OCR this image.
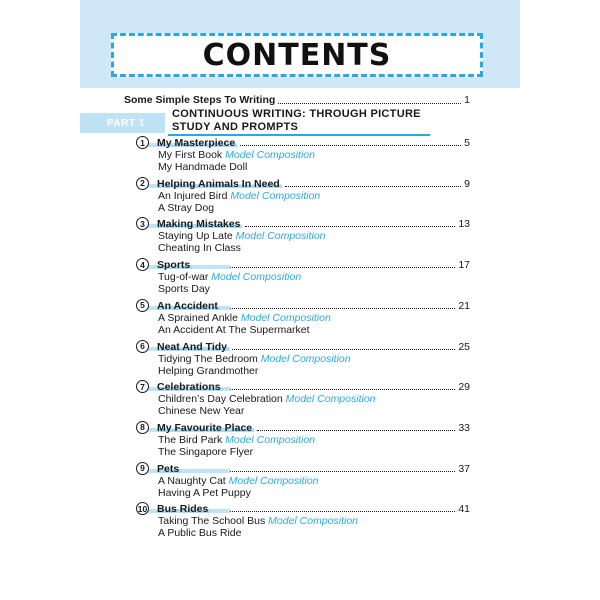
CONTENTS
Some Simple Steps To Writing	1
PART 1
CONTINUOUS WRITING: THROUGH PICTURE
STUDY AND PROMPTS
1	My Masterpiece	5
My First Book Model Composition
My Handmade Doll
2	Helping Animals In Need	9
An Injured Bird Model Composition
A Stray Dog
3	Making Mistakes	13
Staying Up Late Model Composition
Cheating In Class
4	Sports	17
Tug-of-war Model Composition
Sports Day
5	An Accident	21
A Sprained Ankle Model Composition
An Accident At The Supermarket
6	Neat And Tidy	25
Tidying The Bedroom Model Composition
Helping Grandmother
7	Celebrations	29
Children’s Day Celebration Model Composition
Chinese New Year
8	My Favourite Place	33
The Bird Park Model Composition
The Singapore Flyer
9	Pets	37
A Naughty Cat Model Composition
Having A Pet Puppy
10 Bus Rides	41
Taking The School Bus Model Composition
A Public Bus Ride
